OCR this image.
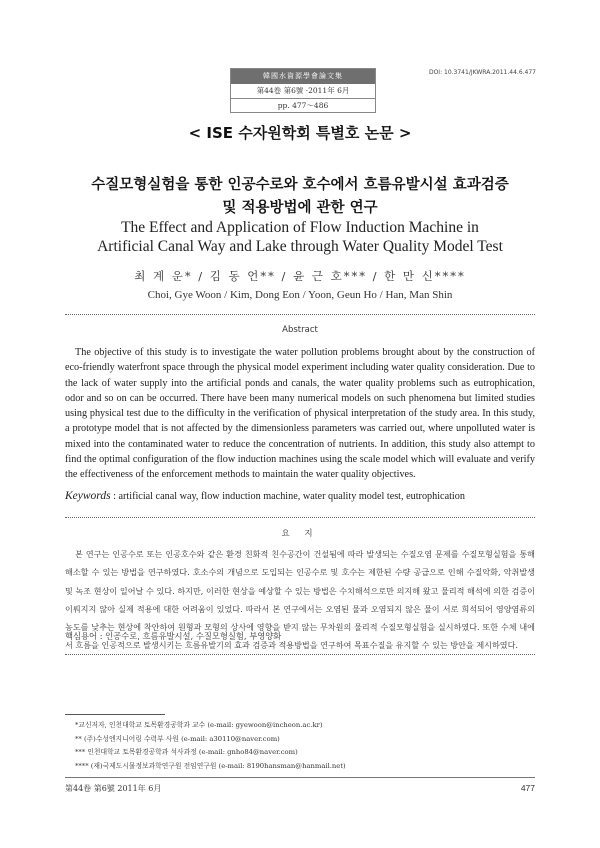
韓國水資源學會論文集
第44卷 第6號 ·2011年 6月
pp. 477～486
DOI: 10.3741/JKWRA.2011.44.6.477
< ISE 수자원학회 특별호 논문 >
수질모형실험을 통한 인공수로와 호수에서 흐름유발시설 효과검증
및 적용방법에 관한 연구
The Effect and Application of Flow Induction Machine in
Artificial Canal Way and Lake through Water Quality Model Test
최 계 운* / 김 동 언** / 윤 근 호*** / 한 만 신****
Choi, Gye Woon / Kim, Dong Eon / Yoon, Geun Ho / Han, Man Shin
Abstract
The objective of this study is to investigate the water pollution problems brought about by the construction of eco-friendly waterfront space through the physical model experiment including water quality consideration. Due to the lack of water supply into the artificial ponds and canals, the water quality problems such as eutrophication, odor and so on can be occurred. There have been many numerical models on such phenomena but limited studies using physical test due to the difficulty in the verification of physical interpretation of the study area. In this study, a prototype model that is not affected by the dimensionless parameters was carried out, where unpolluted water is mixed into the contaminated water to reduce the concentration of nutrients. In addition, this study also attempt to find the optimal configuration of the flow induction machines using the scale model which will evaluate and verify the effectiveness of the enforcement methods to maintain the water quality objectives.
Keywords : artificial canal way, flow induction machine, water quality model test, eutrophication
요 지
본 연구는 인공수로 또는 인공호수와 같은 환경 친화적 친수공간이 건설됨에 따라 발생되는 수질오염 문제를 수질모형실험을 통해 해소할 수 있는 방법을 연구하였다. 호소수의 개념으로 도입되는 인공수로 및 호수는 제한된 수량 공급으로 인해 수질악화, 악취발생 및 녹조 현상이 일어날 수 있다. 하지만, 이러한 현상을 예상할 수 있는 방법은 수치해석으로만 의지해 왔고 물리적 해석에 의한 검증이 이뤄지지 않아 실제 적용에 대한 어려움이 있었다. 따라서 본 연구에서는 오염된 물과 오염되지 않은 물이 서로 희석되어 영양염류의 농도를 낮추는 현상에 착안하여 원형과 모형의 상사에 영향을 받지 않는 무차원의 물리적 수질모형실험을 실시하였다. 또한 수체 내에서 흐름을 인공적으로 발생시키는 흐름유발기의 효과 검증과 적용방법을 연구하여 목표수질을 유지할 수 있는 방안을 제시하였다.
핵심용어 : 인공수로, 흐름유발시설, 수질모형실험, 부영양화
*교신저자, 인천대학교 토목환경공학과 교수 (e-mail: gyewoon@incheon.ac.kr)
** (주)수성엔지니어링 수력부 사원 (e-mail: a30110@naver.com)
*** 인천대학교 토목환경공학과 석사과정 (e-mail: gnho84@naver.com)
**** (재)국제도시물정보과학연구원 전임연구원 (e-mail: 8190hansman@hanmail.net)
第44卷 第6號 2011年 6月	477
